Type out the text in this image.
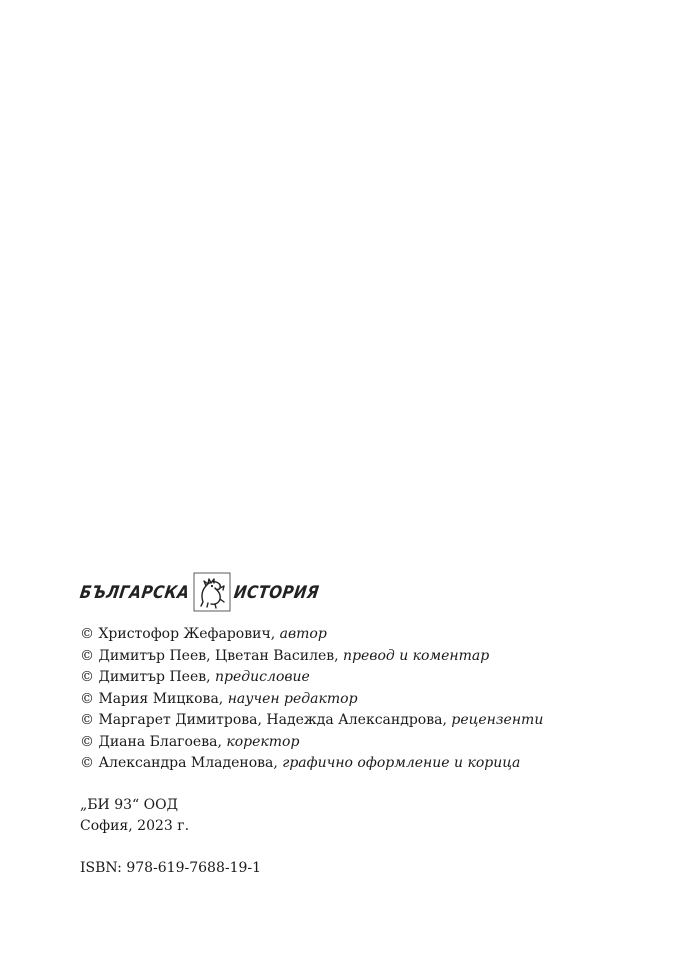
БЪЛГАРСКА	ИСТОРИЯ
© Христофор Жефарович, автор
© Димитър Пеев, Цветан Василев, превод и коментар
© Димитър Пеев, предисловие
© Мария Мицкова, научен редактор
© Маргарет Димитрова, Надежда Александрова, рецензенти
© Диана Благоева, коректор
© Александра Младенова, графично оформление и корица
„БИ 93“ ООД
София, 2023 г.
ISBN: 978-619-7688-19-1
